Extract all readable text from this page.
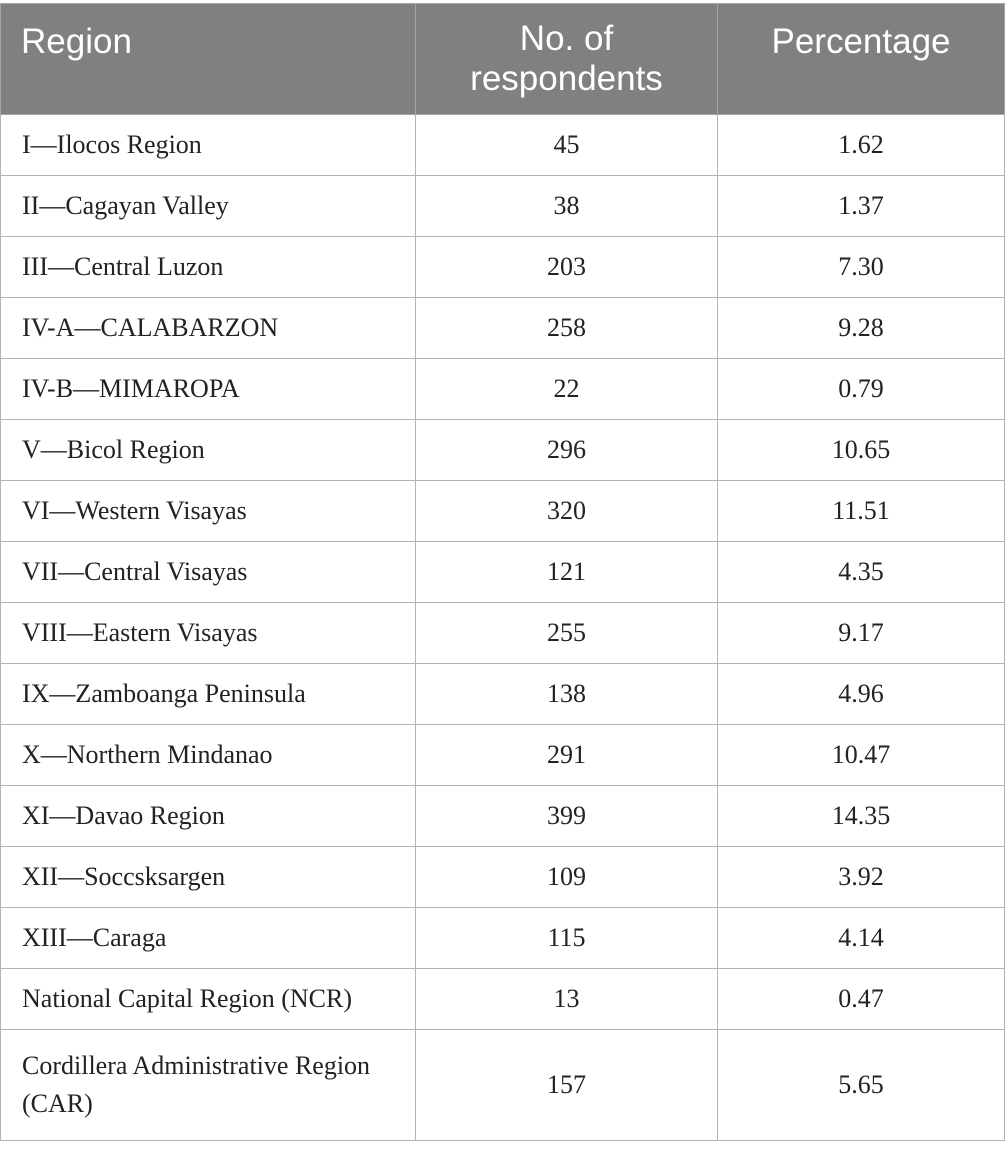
Region	No. of respondents	Percentage
I—Ilocos Region	45	1.62
II—Cagayan Valley	38	1.37
III—Central Luzon	203	7.30
IV-A—CALABARZON	258	9.28
IV-B—MIMAROPA	22	0.79
V—Bicol Region	296	10.65
VI—Western Visayas	320	11.51
VII—Central Visayas	121	4.35
VIII—Eastern Visayas	255	9.17
IX—Zamboanga Peninsula	138	4.96
X—Northern Mindanao	291	10.47
XI—Davao Region	399	14.35
XII—Soccsksargen	109	3.92
XIII—Caraga	115	4.14
National Capital Region (NCR)	13	0.47
Cordillera Administrative Region (CAR)	157	5.65
